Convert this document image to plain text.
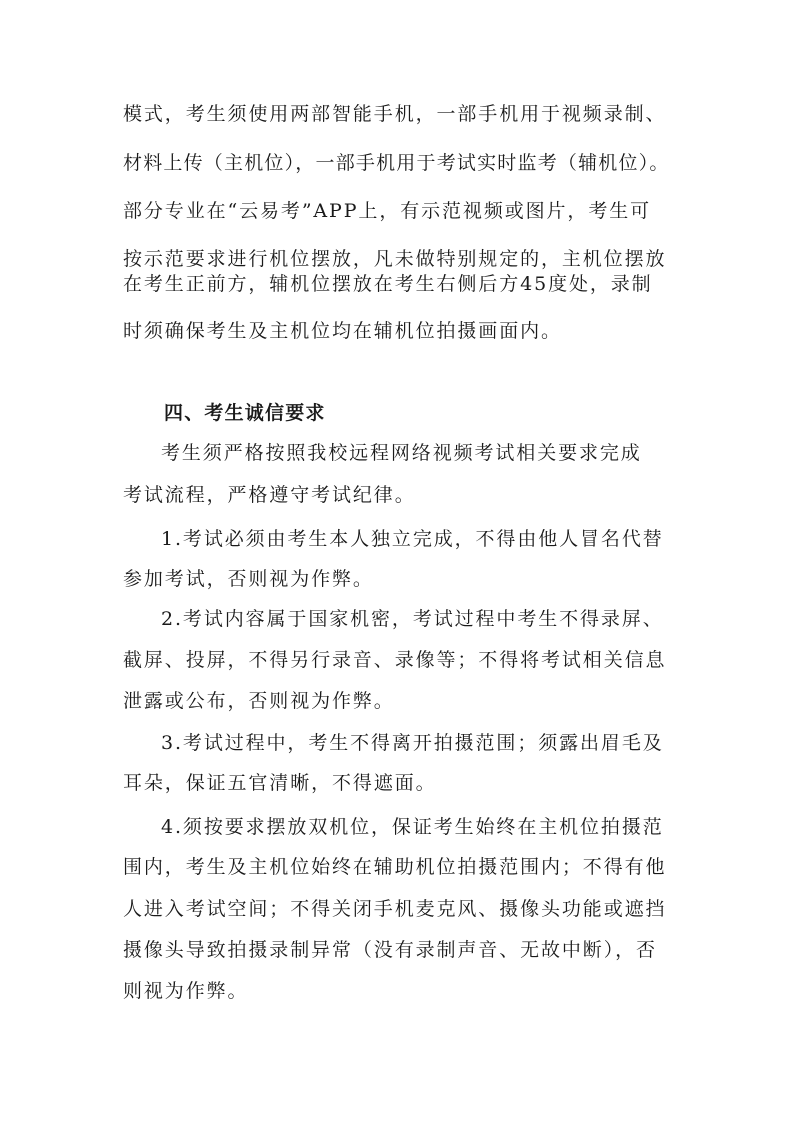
模式，考生须使用两部智能手机，一部手机用于视频录制、
材料上传（主机位），一部手机用于考试实时监考（辅机位）。
部分专业在“云易考”APP上，有示范视频或图片，考生可
按示范要求进行机位摆放，凡未做特别规定的，主机位摆放
在考生正前方，辅机位摆放在考生右侧后方45度处，录制
时须确保考生及主机位均在辅机位拍摄画面内。
四、考生诚信要求
考生须严格按照我校远程网络视频考试相关要求完成
考试流程，严格遵守考试纪律。
1.考试必须由考生本人独立完成，不得由他人冒名代替
参加考试，否则视为作弊。
2.考试内容属于国家机密，考试过程中考生不得录屏、
截屏、投屏，不得另行录音、录像等；不得将考试相关信息
泄露或公布，否则视为作弊。
3.考试过程中，考生不得离开拍摄范围；须露出眉毛及
耳朵，保证五官清晰，不得遮面。
4.须按要求摆放双机位，保证考生始终在主机位拍摄范
围内，考生及主机位始终在辅助机位拍摄范围内；不得有他
人进入考试空间；不得关闭手机麦克风、摄像头功能或遮挡
摄像头导致拍摄录制异常（没有录制声音、无故中断），否
则视为作弊。
